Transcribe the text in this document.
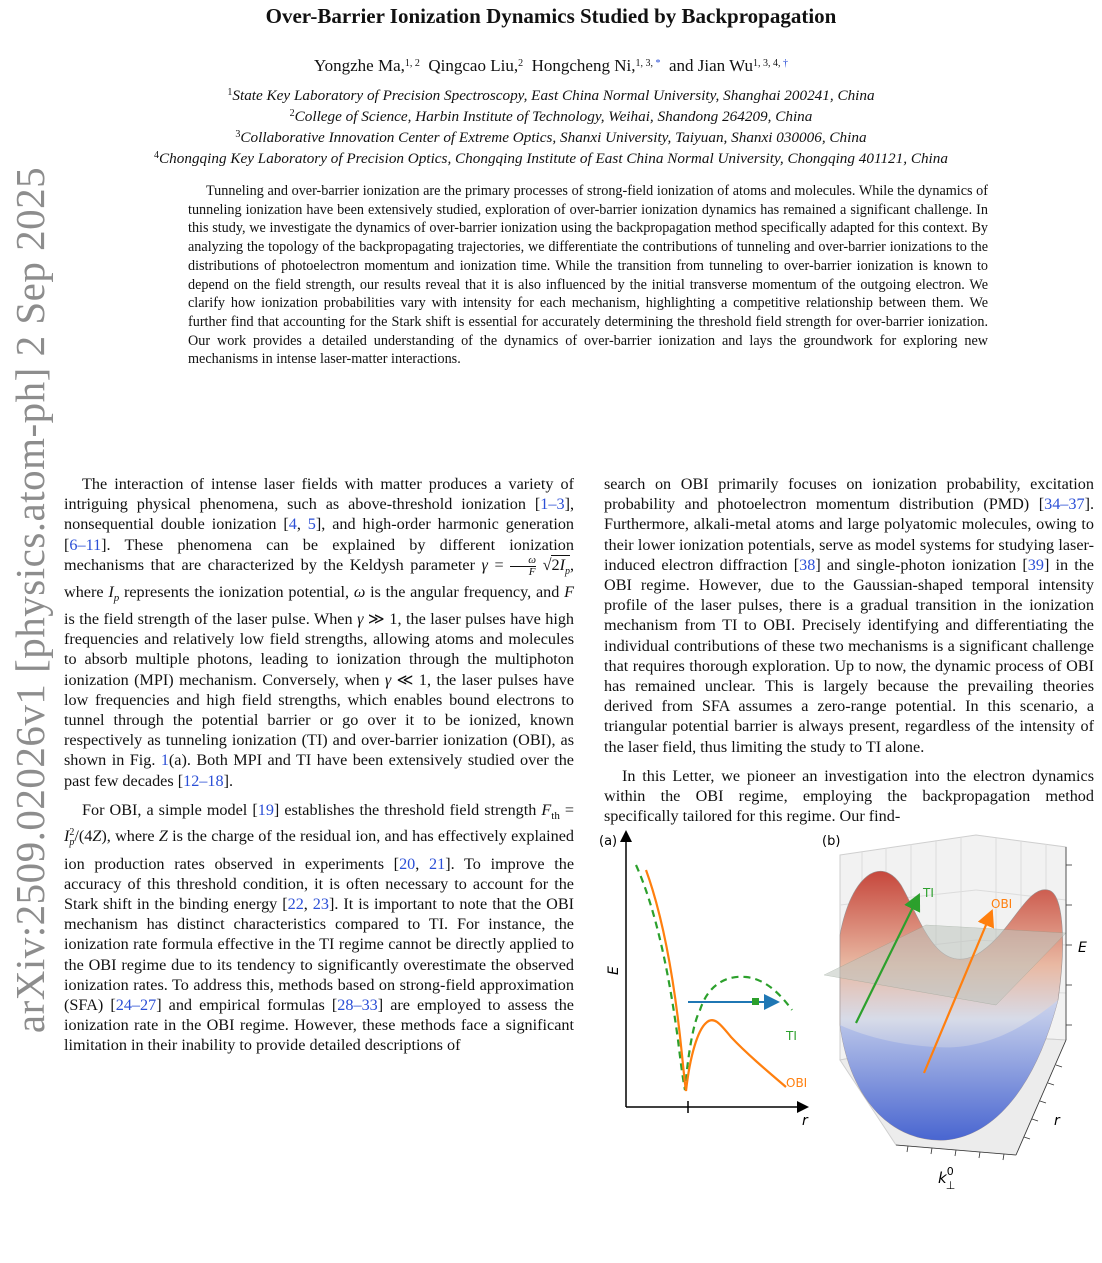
arXiv:2509.02026v1 [physics.atom-ph] 2 Sep 2025
Over-Barrier Ionization Dynamics Studied by Backpropagation
Yongzhe Ma,$^{1, 2}$ Qingcao Liu,$^2$ Hongcheng Ni,$^{1, 3, *}$ and Jian $Wu^{1, 3, 4, \dagger}$
$^1$State Key Laboratory of Precision Spectroscopy, East China Normal University, Shanghai 200241, China
$^2$College of Science, Harbin Institute of Technology, Weihai, Shandong 264209, China
$^3$Collaborative Innovation Center of Extreme Optics, Shanxi University, Taiyuan, Shanxi 030006, China
$^4$Chongqing Key Laboratory of Precision Optics, Chongqing Institute of East China Normal University, Chongqing 401121, China
Tunneling and over-barrier ionization are the primary processes of strong-field ionization of atoms and molecules. While the dynamics of tunneling ionization have been extensively studied, exploration of over-barrier ionization dynamics has remained a significant challenge. In this study, we investigate the dynamics of over-barrier ionization using the backpropagation method specifically adapted for this context. By analyzing the topology of the backpropagating trajectories, we differentiate the contributions of tunneling and over-barrier ionizations to the distributions of photoelectron momentum and ionization time. While the transition from tunneling to over-barrier ionization is known to depend on the field strength, our results reveal that it is also influenced by the initial transverse momentum of the outgoing electron. We clarify how ionization probabilities vary with intensity for each mechanism, highlighting a competitive relationship between them. We further find that accounting for the Stark shift is essential for accurately determining the threshold field strength for over-barrier ionization. Our work provides a detailed understanding of the dynamics of over-barrier ionization and lays the groundwork for exploring new mechanisms in intense laser-matter interactions.

The interaction of intense laser fields with matter produces a variety of intriguing physical phenomena, such as above-threshold ionization [1–3], nonsequential double ionization [4, 5], and high-order harmonic generation [6–11]. These phenomena can be explained by different ionization mechanisms that are characterized by the Keldysh parameter $\gamma = \frac{\omega}{F} √2I_p$, where $I_p$ represents the ionization potential, ω is the angular frequency, and F is the field strength of the laser pulse. When γ ≫ 1, the laser pulses have high frequencies and relatively low field strengths, allowing atoms and molecules to absorb multiple photons, leading to ionization through the multiphoton ionization (MPI) mechanism. Conversely, when γ ≪ 1, the laser pulses have low frequencies and high field strengths, which enables bound electrons to tunnel through the potential barrier or go over it to be ionized, known respectively as tunneling ionization (TI) and over-barrier ionization (OBI), as shown in Fig. 1(a). Both MPI and TI have been extensively studied over the past few decades [12–18].

For OBI, a simple model [19] establishes the threshold field strength $F_{th} = I^2_p/(4Z)$, where Z is the charge of the residual ion, and has effectively explained ion production rates observed in experiments [20, 21]. To improve the accuracy of this threshold condition, it is often necessary to account for the Stark shift in the binding energy [22, 23]. It is important to note that the OBI mechanism has distinct characteristics compared to TI. For instance, the ionization rate formula effective in the TI regime cannot be directly applied to the OBI regime due to its tendency to significantly overestimate the observed ionization rates. To address this, methods based on strong-field approximation (SFA) [24–27] and empirical formulas [28–33] are employed to assess the ionization rate in the OBI regime. However, these methods face a significant limitation in their inability to provide detailed descriptions of

search on OBI primarily focuses on ionization probability, excitation probability and photoelectron momentum distribution (PMD) [34–37]. Furthermore, alkali-metal atoms and large polyatomic molecules, owing to their lower ionization potentials, serve as model systems for studying laser-induced electron diffraction [38] and single-photon ionization [39] in the OBI regime. However, due to the Gaussian-shaped temporal intensity profile of the laser pulses, there is a gradual transition in the ionization mechanism from TI to OBI. Precisely identifying and differentiating the individual contributions of these two mechanisms is a significant challenge that requires thorough exploration. Up to now, the dynamic process of OBI has remained unclear. This is largely because the prevailing theories derived from SFA assumes a zero-range potential. In this scenario, a triangular potential barrier is always present, regardless of the intensity of the laser field, thus limiting the study to TI alone.

In this Letter, we pioneer an investigation into the electron dynamics within the OBI regime, employing the backpropagation method specifically tailored for this regime. Our find-

(a)
E
r
TI
OBI
(b)
TI
OBI
E
r
$k^0$ ⊥
